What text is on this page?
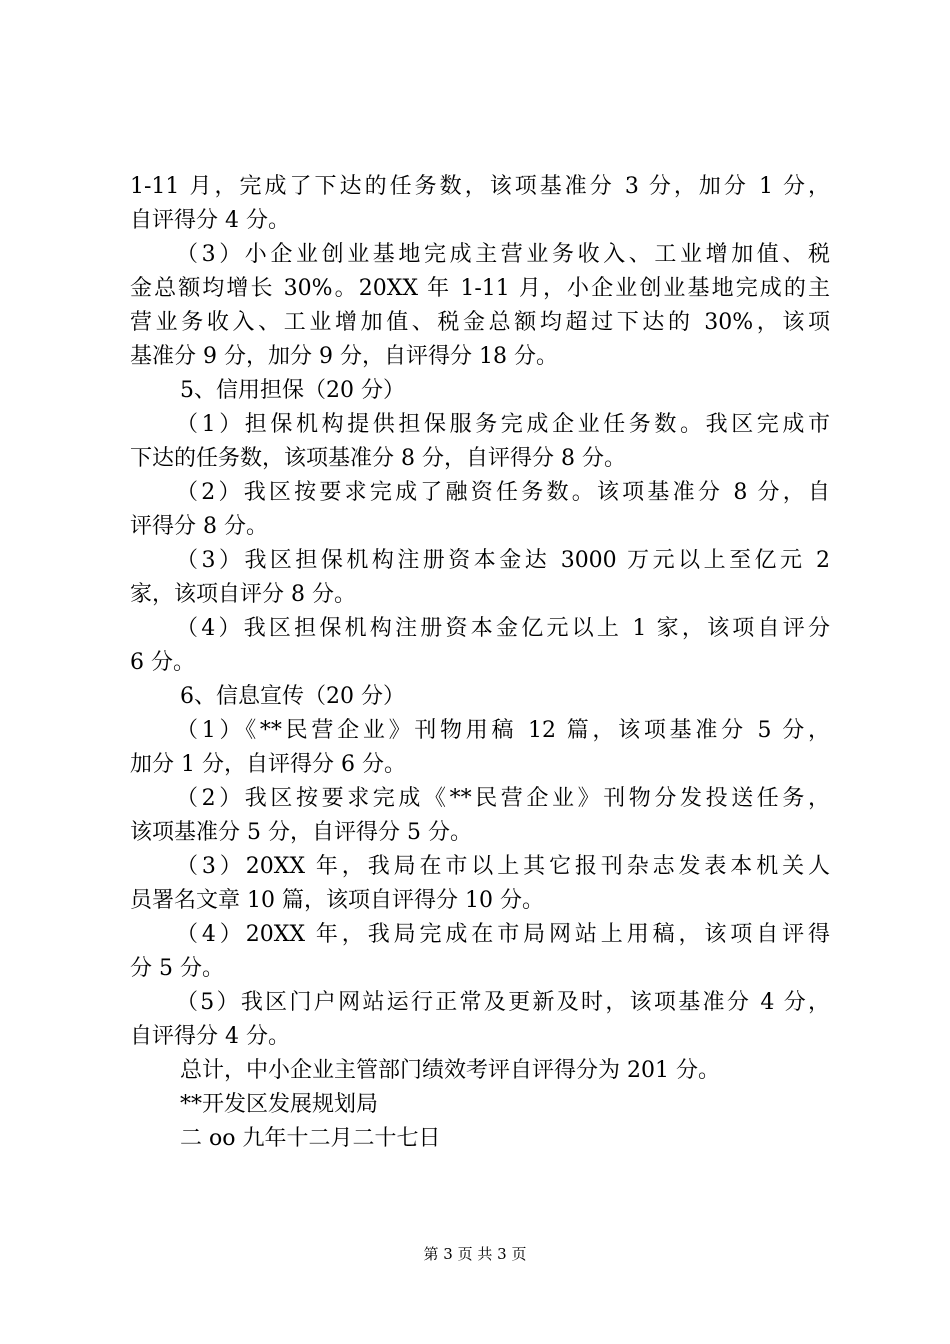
1-11 月，完成了下达的任务数，该项基准分 3 分，加分 1 分，
自评得分 4 分。
（3）小企业创业基地完成主营业务收入、工业增加值、税
金总额均增长 30%。20XX 年 1-11 月，小企业创业基地完成的主
营业务收入、工业增加值、税金总额均超过下达的 30%，该项
基准分 9 分，加分 9 分，自评得分 18 分。
5、信用担保（20 分）
（1）担保机构提供担保服务完成企业任务数。我区完成市
下达的任务数，该项基准分 8 分，自评得分 8 分。
（2）我区按要求完成了融资任务数。该项基准分 8 分，自
评得分 8 分。
（3）我区担保机构注册资本金达 3000 万元以上至亿元 2
家，该项自评分 8 分。
（4）我区担保机构注册资本金亿元以上 1 家，该项自评分
6 分。
6、信息宣传（20 分）
（1）《**民营企业》刊物用稿 12 篇，该项基准分 5 分，
加分 1 分，自评得分 6 分。
（2）我区按要求完成《**民营企业》刊物分发投送任务，
该项基准分 5 分，自评得分 5 分。
（3）20XX 年，我局在市以上其它报刊杂志发表本机关人
员署名文章 10 篇，该项自评得分 10 分。
（4）20XX 年，我局完成在市局网站上用稿，该项自评得
分 5 分。
（5）我区门户网站运行正常及更新及时，该项基准分 4 分，
自评得分 4 分。
总计，中小企业主管部门绩效考评自评得分为 201 分。
**开发区发展规划局
二 oo 九年十二月二十七日
第 3 页 共 3 页
